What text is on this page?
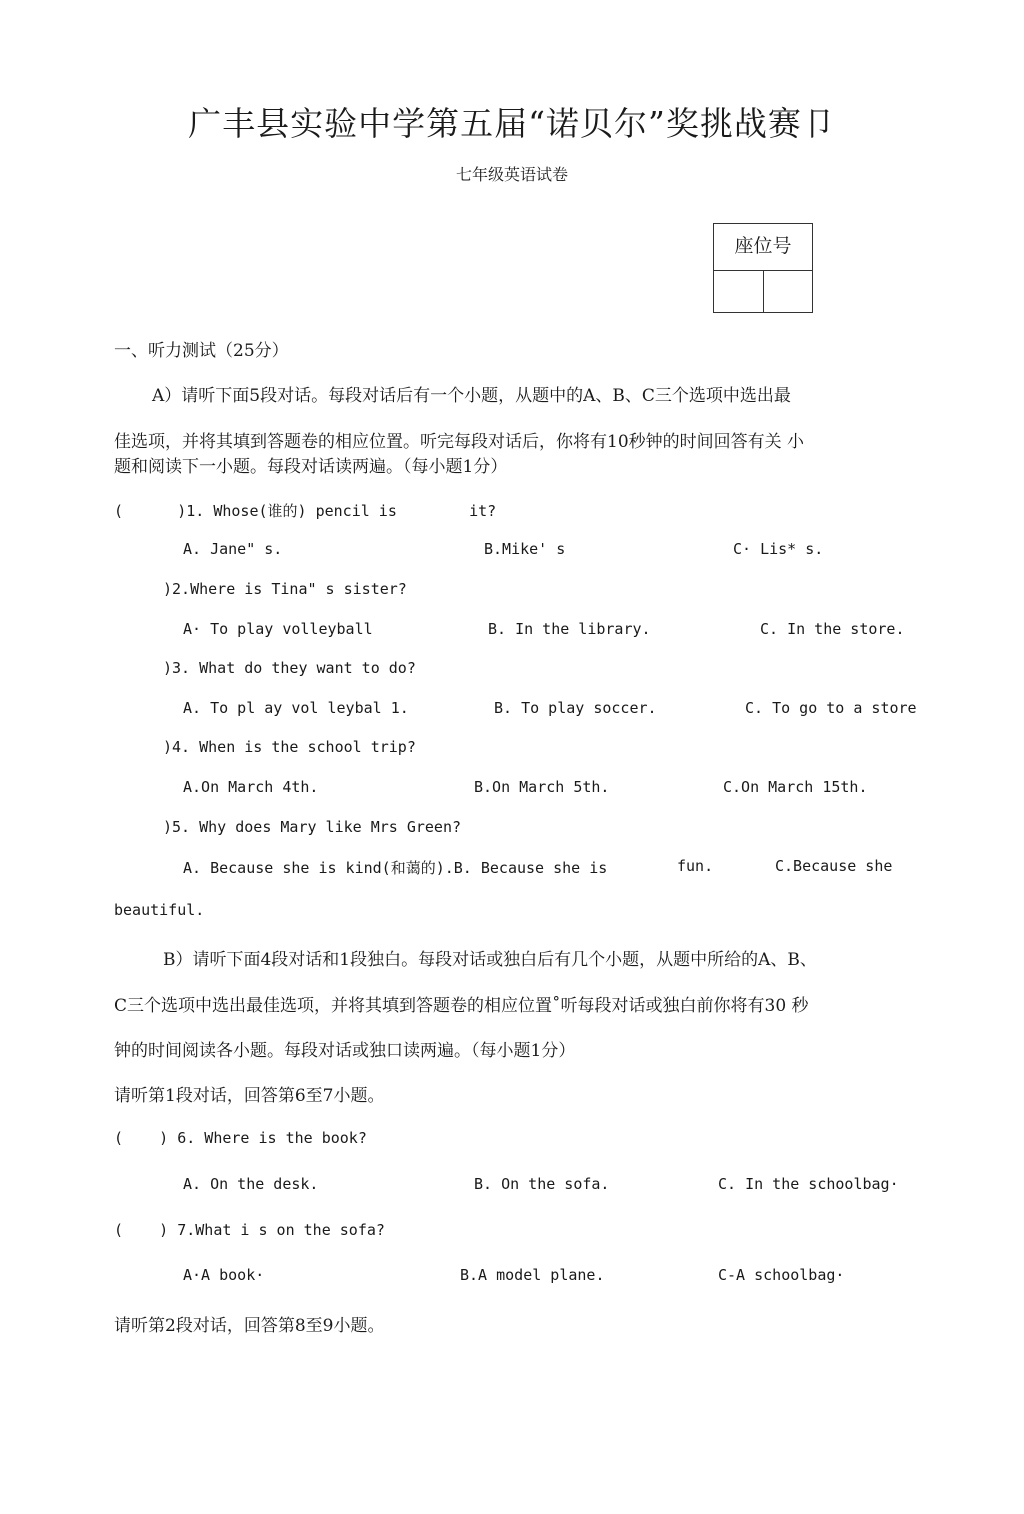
广丰县实验中学第五届“诺贝尔”奖挑战赛卩
七年级英语试卷
座位号
一、听力测试（25分）
A）请听下面5段对话。每段对话后有一个小题，从题中的A、B、C三个选项中选出最
佳选项，并将其填到答题卷的相应位置。听完每段对话后，你将有10秒钟的时间回答有关 小
题和阅读下一小题。每段对话读两遍。（每小题1分）
(      )1. Whose(谁的) pencil is        it?
A. Jane" s.	B.Mike' s	C· Lis* s.
)2.Where is Tina" s sister?
A· To play volleyball	B. In the library.	C. In the store.
)3. What do they want to do?
A. To pl ay vol leybal 1.	B. To play soccer.	C. To go to a store
)4. When is the school trip?
A.On March 4th.	B.On March 5th.	C.On March 15th.
)5. Why does Mary like Mrs Green?
A. Because she is kind(和蔼的).B. Because she is	fun.	C.Because she
beautiful.
B）请听下面4段对话和1段独白。每段对话或独白后有几个小题，从题中所给的A、B、
C三个选项中选出最佳选项，并将其填到答题卷的相应位置˚听每段对话或独白前你将有30 秒
钟的时间阅读各小题。每段对话或独口读两遍。（每小题1分）
请听第1段对话，回答第6至7小题。
(    ) 6. Where is the book?
A. On the desk.	B. On the sofa.	C. In the schoolbag·
(    ) 7.What i s on the sofa?
A·A book·	B.A model plane.	C-A schoolbag·
请听第2段对话，回答第8至9小题。
